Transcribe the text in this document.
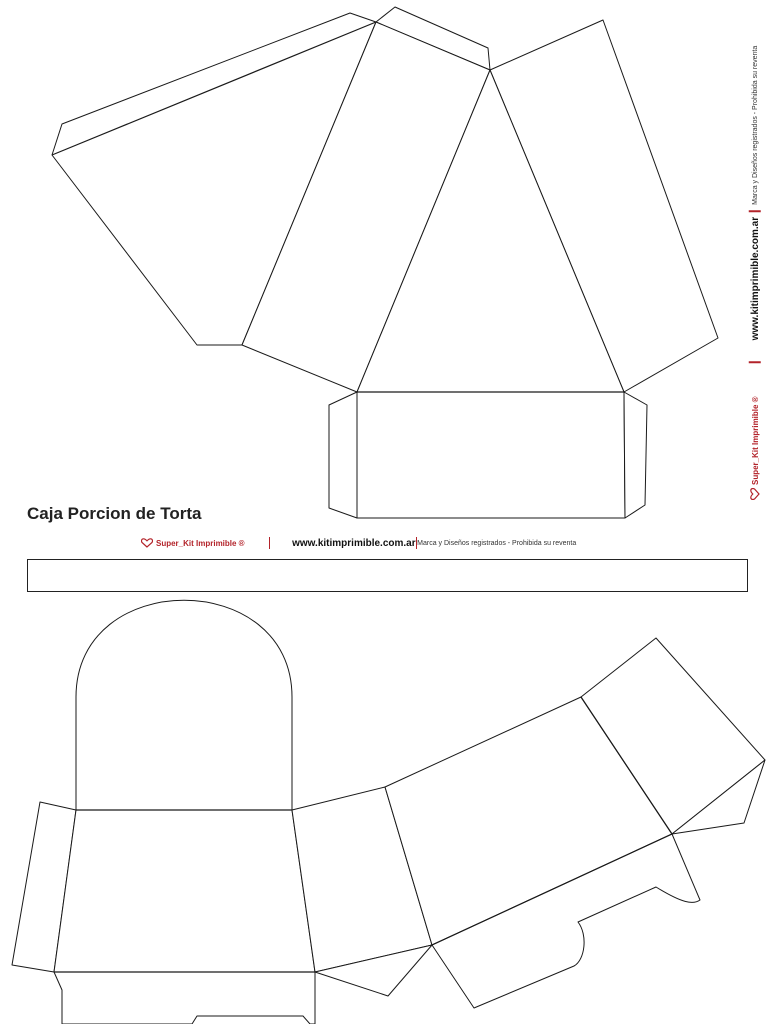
Caja Porcion de Torta
Super_Kit Imprimible ®	www.kitimprimible.com.ar Marca y Diseños registrados - Prohibida su reventa
Super_Kit Imprimible ®
www.kitimprimible.com.ar
Marca y Diseños registrados - Prohibida su reventa
